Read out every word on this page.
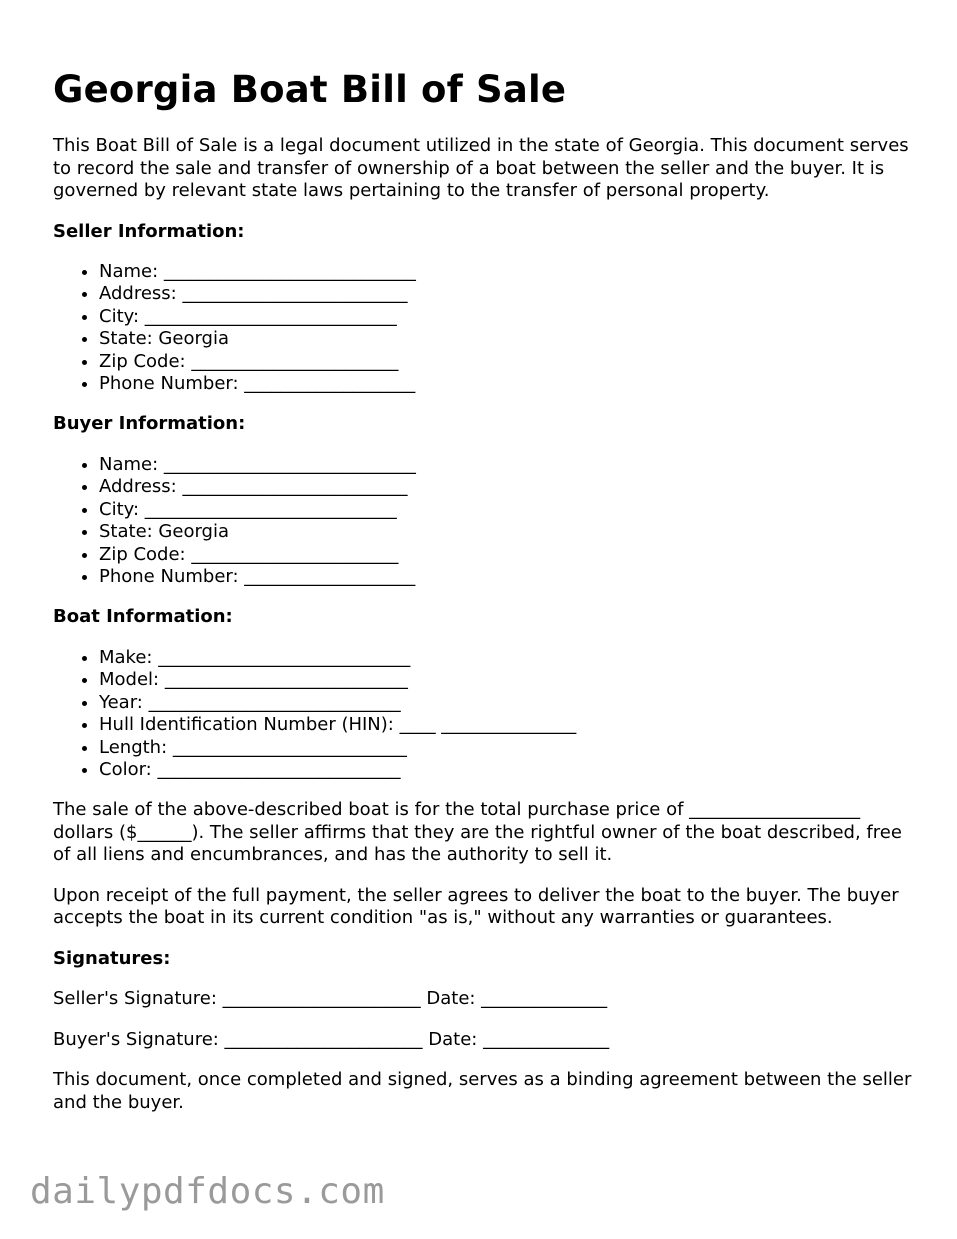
Georgia Boat Bill of Sale

This Boat Bill of Sale is a legal document utilized in the state of Georgia. This document serves to record the sale and transfer of ownership of a boat between the seller and the buyer. It is governed by relevant state laws pertaining to the transfer of personal property.

Seller Information:
• Name: ____________________________
• Address: _________________________
• City: ____________________________
• State: Georgia
• Zip Code: _______________________
• Phone Number: ___________________
Buyer Information:
• Name: ____________________________
• Address: _________________________
• City: ____________________________
• State: Georgia
• Zip Code: _______________________
• Phone Number: ___________________
Boat Information:
• Make: ____________________________
• Model: ___________________________
• Year: ____________________________
• Hull Identification Number (HIN): ____ _______________
• Length: __________________________
• Color: ___________________________

The sale of the above-described boat is for the total purchase price of ___________________ dollars ($______). The seller affirms that they are the rightful owner of the boat described, free of all liens and encumbrances, and has the authority to sell it.

Upon receipt of the full payment, the seller agrees to deliver the boat to the buyer. The buyer accepts the boat in its current condition "as is," without any warranties or guarantees.

Signatures:

Seller's Signature: ______________________ Date: ______________

Buyer's Signature: ______________________ Date: ______________

This document, once completed and signed, serves as a binding agreement between the seller and the buyer.

dailypdfdocs.com
